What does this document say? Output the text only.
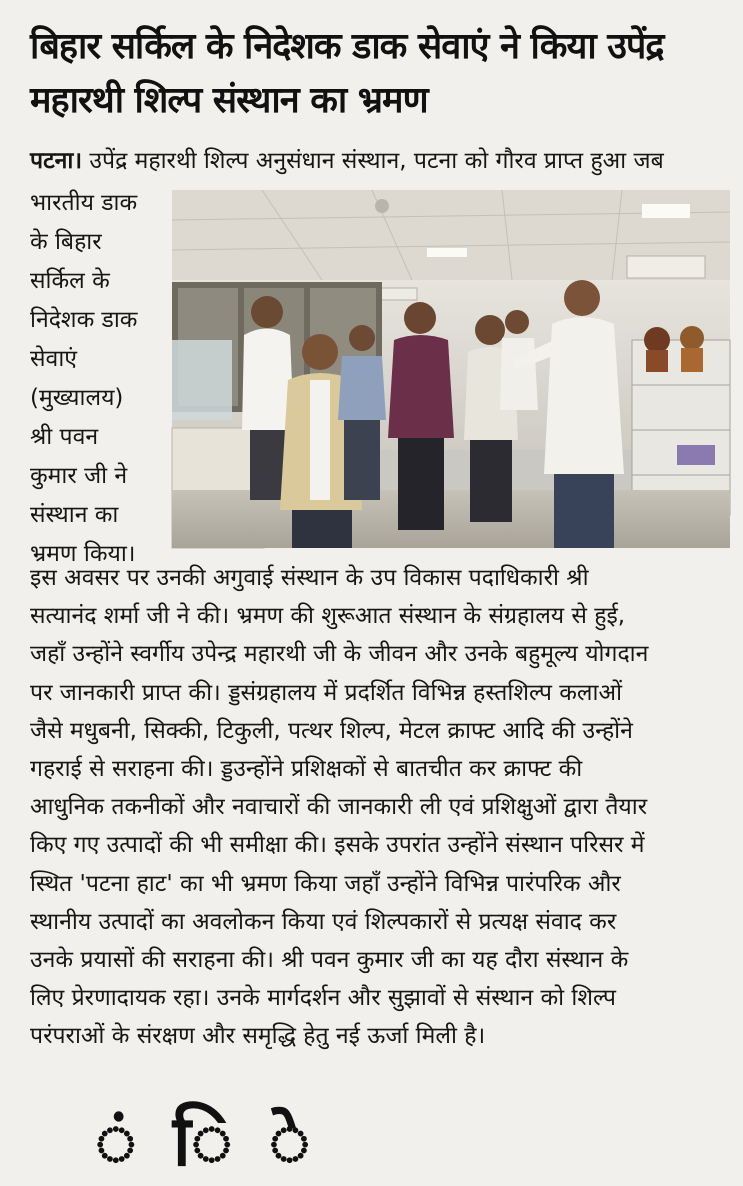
बिहार सर्किल के निदेशक डाक सेवाएं ने किया उपेंद्र
महारथी शिल्प संस्थान का भ्रमण
पटना। उपेंद्र महारथी शिल्प अनुसंधान संस्थान, पटना को गौरव प्राप्त हुआ जब
भारतीय डाक
के बिहार
सर्किल के
निदेशक डाक
सेवाएं
(मुख्यालय)
श्री पवन
कुमार जी ने
संस्थान का
भ्रमण किया।
इस अवसर पर उनकी अगुवाई संस्थान के उप विकास पदाधिकारी श्री
सत्यानंद शर्मा जी ने की। भ्रमण की शुरूआत संस्थान के संग्रहालय से हुई,
जहाँ उन्होंने स्वर्गीय उपेन्द्र महारथी जी के जीवन और उनके बहुमूल्य योगदान
पर जानकारी प्राप्त की। ड्डसंग्रहालय में प्रदर्शित विभिन्न हस्तशिल्प कलाओं
जैसे मधुबनी, सिक्की, टिकुली, पत्थर शिल्प, मेटल क्राफ्ट आदि की उन्होंने
गहराई से सराहना की। ड्डउन्होंने प्रशिक्षकों से बातचीत कर क्राफ्ट की
आधुनिक तकनीकों और नवाचारों की जानकारी ली एवं प्रशिक्षुओं द्वारा तैयार
किए गए उत्पादों की भी समीक्षा की। इसके उपरांत उन्होंने संस्थान परिसर में
स्थित 'पटना हाट' का भी भ्रमण किया जहाँ उन्होंने विभिन्न पारंपरिक और
स्थानीय उत्पादों का अवलोकन किया एवं शिल्पकारों से प्रत्यक्ष संवाद कर
उनके प्रयासों की सराहना की। श्री पवन कुमार जी का यह दौरा संस्थान के
लिए प्रेरणादायक रहा। उनके मार्गदर्शन और सुझावों से संस्थान को शिल्प
परंपराओं के संरक्षण और समृद्धि हेतु नई ऊर्जा मिली है।
ं ि े
